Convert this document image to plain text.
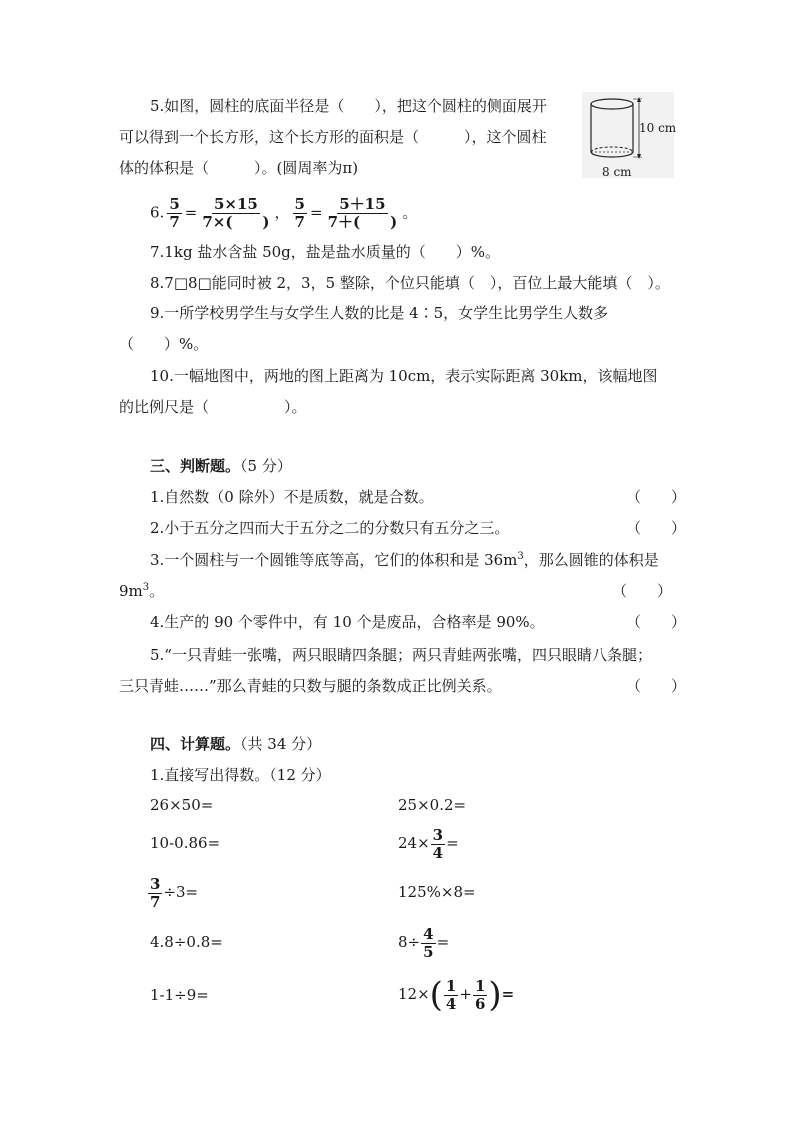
5.如图，圆柱的底面半径是（　　），把这个圆柱的侧面展开
可以得到一个长方形，这个长方形的面积是（　　　），这个圆柱
体的体积是（　　　）。(圆周率为π)
10 cm
8 cm
6. $\frac{5}{7} = \frac{5\times 15}{7\times( )}$ ， $\frac{5}{7} = \frac{5+15}{7+( )}$ 。
7.1kg 盐水含盐 50g，盐是盐水质量的（　　）%。
8.7□8□能同时被 2，3，5 整除，个位只能填（　），百位上最大能填（　）。
9.一所学校男学生与女学生人数的比是 4∶5，女学生比男学生人数多
（　　）%。
10.一幅地图中，两地的图上距离为 10cm，表示实际距离 30km，该幅地图
的比例尺是（　　　　　）。
三、判断题。（5 分）
1.自然数（0 除外）不是质数，就是合数。	（　　）
2.小于五分之四而大于五分之二的分数只有五分之三。	（　　）
3.一个圆柱与一个圆锥等底等高，它们的体积和是 $36m^3$，那么圆锥的体积是
$9m^3$。	（　　）
4.生产的 90 个零件中，有 10 个是废品，合格率是 90%。	（　　）
5.“一只青蛙一张嘴，两只眼睛四条腿；两只青蛙两张嘴，四只眼睛八条腿；
三只青蛙……”那么青蛙的只数与腿的条数成正比例关系。	（　　）
四、计算题。（共 34 分）
1.直接写出得数。（12 分）
26×50=	25×0.2=
10-0.86=	$24\times \frac{3}{4}$ =
$\frac{3}{7} \div 3=$	125%×8=
4.8÷0.8=	$8\div \frac{4}{5}$ =
1-1÷9=	$12\times( \frac{1}{4} + \frac{1}{6}$ )=
